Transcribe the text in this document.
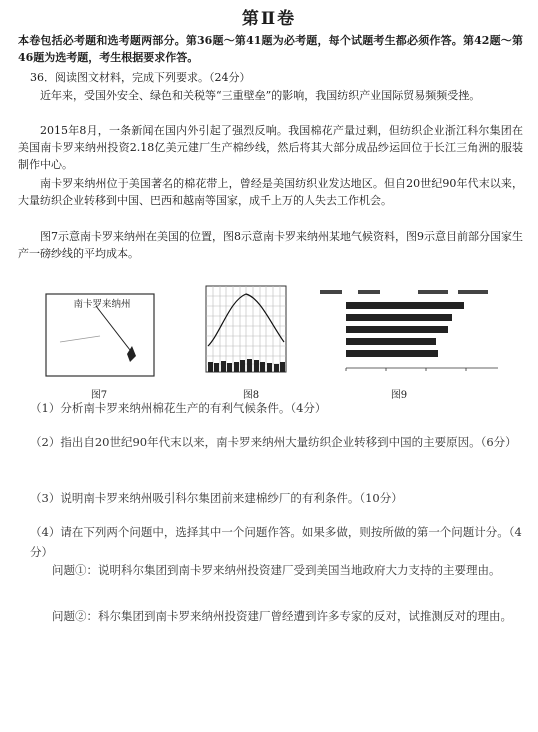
第Ⅱ卷
本卷包括必考题和选考题两部分。第36题～第41题为必考题，每个试题考生都必须作答。第42题～第46题为选考题，考生根据要求作答。
36．阅读图文材料，完成下列要求。（24分）
近年来，受国外安全、绿色和关税等“三重壁垒”的影响，我国纺织产业国际贸易频频受挫。
2015年8月，一条新闻在国内外引起了强烈反响。我国棉花产量过剩，但纺织企业浙江科尔集团在美国南卡罗来纳州投资2.18亿美元建厂生产棉纱线，然后将其大部分成品纱运回位于长江三角洲的服装制作中心。
南卡罗来纳州位于美国著名的棉花带上，曾经是美国纺织业发达地区。但自20世纪90年代末以来，大量纺织企业转移到中国、巴西和越南等国家，成千上万的人失去工作机会。
图7示意南卡罗来纳州在美国的位置，图8示意南卡罗来纳州某地气候资料，图9示意目前部分国家生产一磅纱线的平均成本。
南卡罗来纳州
图7	图8	图9
（1）分析南卡罗来纳州棉花生产的有利气候条件。（4分）
（2）指出自20世纪90年代末以来，南卡罗来纳州大量纺织企业转移到中国的主要原因。（6分）
（3）说明南卡罗来纳州吸引科尔集团前来建棉纱厂的有利条件。（10分）
（4）请在下列两个问题中，选择其中一个问题作答。如果多做，则按所做的第一个问题计分。（4分）
问题①：说明科尔集团到南卡罗来纳州投资建厂受到美国当地政府大力支持的主要理由。
问题②：科尔集团到南卡罗来纳州投资建厂曾经遭到许多专家的反对，试推测反对的理由。
